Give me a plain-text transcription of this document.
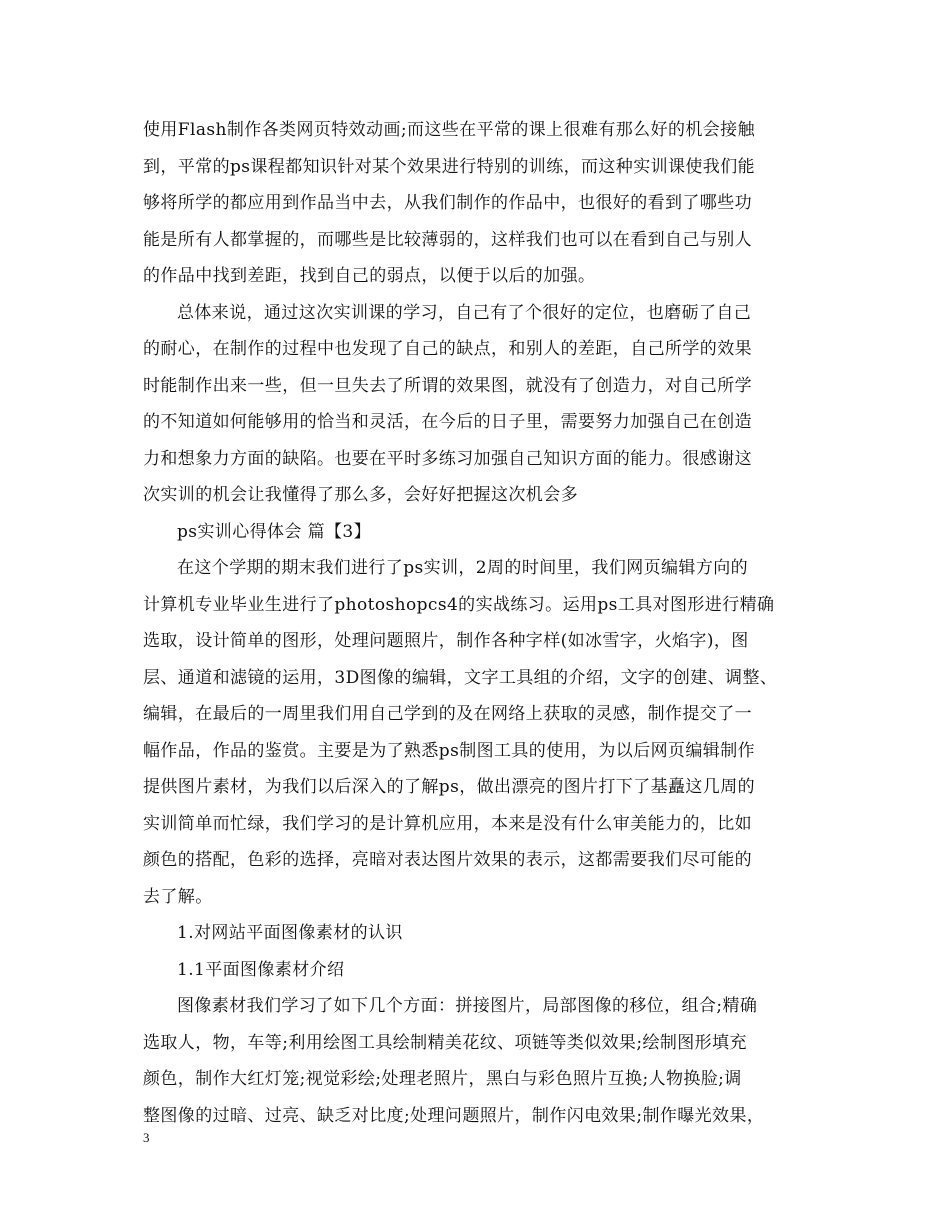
使用Flash制作各类网页特效动画;而这些在平常的课上很难有那么好的机会接触
到，平常的ps课程都知识针对某个效果进行特别的训练，而这种实训课使我们能
够将所学的都应用到作品当中去，从我们制作的作品中，也很好的看到了哪些功
能是所有人都掌握的，而哪些是比较薄弱的，这样我们也可以在看到自己与别人
的作品中找到差距，找到自己的弱点，以便于以后的加强。
总体来说，通过这次实训课的学习，自己有了个很好的定位，也磨砺了自己
的耐心，在制作的过程中也发现了自己的缺点，和别人的差距，自己所学的效果
时能制作出来一些，但一旦失去了所谓的效果图，就没有了创造力，对自己所学
的不知道如何能够用的恰当和灵活，在今后的日子里，需要努力加强自己在创造
力和想象力方面的缺陷。也要在平时多练习加强自己知识方面的能力。很感谢这
次实训的机会让我懂得了那么多，会好好把握这次机会多
ps实训心得体会 篇【3】
在这个学期的期末我们进行了ps实训，2周的时间里，我们网页编辑方向的
计算机专业毕业生进行了photoshopcs4的实战练习。运用ps工具对图形进行精确
选取，设计简单的图形，处理问题照片，制作各种字样(如冰雪字，火焰字)，图
层、通道和滤镜的运用，3D图像的编辑，文字工具组的介绍，文字的创建、调整、
编辑，在最后的一周里我们用自己学到的及在网络上获取的灵感，制作提交了一
幅作品，作品的鉴赏。主要是为了熟悉ps制图工具的使用，为以后网页编辑制作
提供图片素材，为我们以后深入的了解ps，做出漂亮的图片打下了基矗这几周的
实训简单而忙绿，我们学习的是计算机应用，本来是没有什么审美能力的，比如
颜色的搭配，色彩的选择，亮暗对表达图片效果的表示，这都需要我们尽可能的
去了解。
1.对网站平面图像素材的认识
1.1平面图像素材介绍
图像素材我们学习了如下几个方面：拼接图片，局部图像的移位，组合;精确
选取人，物，车等;利用绘图工具绘制精美花纹、项链等类似效果;绘制图形填充
颜色，制作大红灯笼;视觉彩绘;处理老照片，黑白与彩色照片互换;人物换脸;调
整图像的过暗、过亮、缺乏对比度;处理问题照片，制作闪电效果;制作曝光效果，
3
